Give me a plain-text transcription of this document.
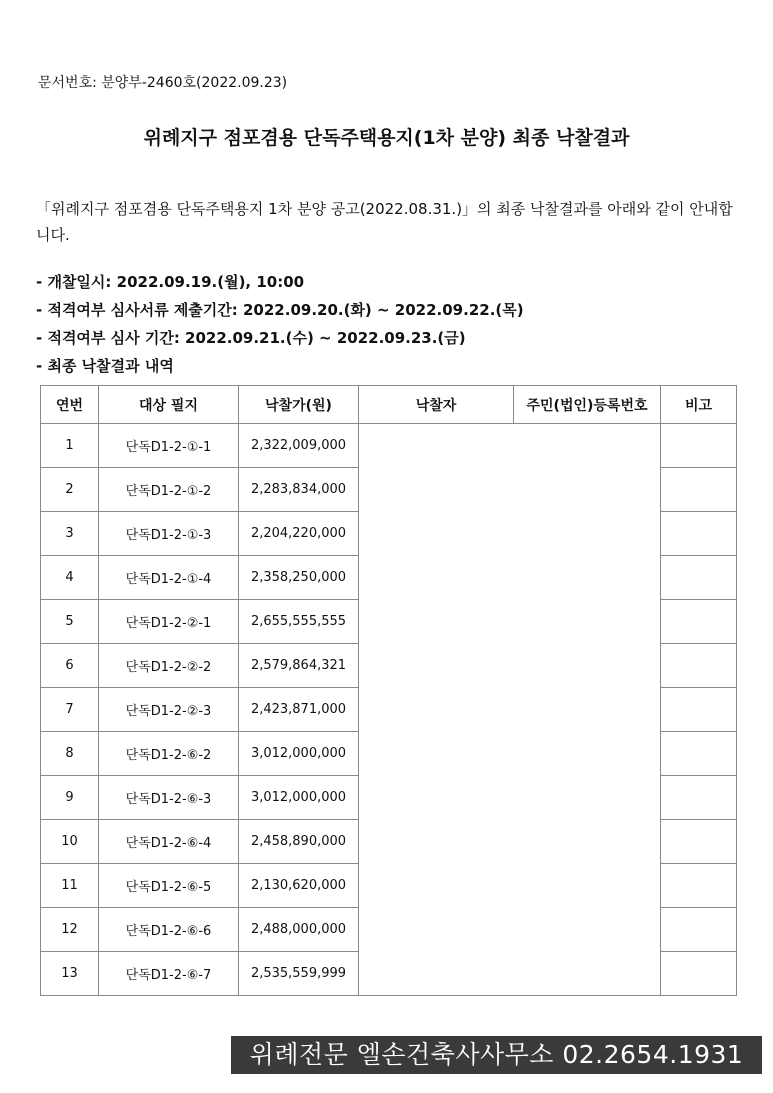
문서번호: 분양부-2460호(2022.09.23)
위례지구 점포겸용 단독주택용지(1차 분양) 최종 낙찰결과
「위례지구 점포겸용 단독주택용지 1차 분양 공고(2022.08.31.)」의 최종 낙찰결과를 아래와 같이 안내합니다.
- 개찰일시: 2022.09.19.(월), 10:00
- 적격여부 심사서류 제출기간: 2022.09.20.(화) ~ 2022.09.22.(목)
- 적격여부 심사 기간: 2022.09.21.(수) ~ 2022.09.23.(금)
- 최종 낙찰결과 내역
연번	대상 필지	낙찰가(원)	낙찰자	주민(법인)등록번호	비고
1	단독D1-2-①-1	2,322,009,000			
2	단독D1-2-①-2	2,283,834,000			
3	단독D1-2-①-3	2,204,220,000			
4	단독D1-2-①-4	2,358,250,000			
5	단독D1-2-②-1	2,655,555,555			
6	단독D1-2-②-2	2,579,864,321			
7	단독D1-2-②-3	2,423,871,000			
8	단독D1-2-⑥-2	3,012,000,000			
9	단독D1-2-⑥-3	3,012,000,000			
10	단독D1-2-⑥-4	2,458,890,000			
11	단독D1-2-⑥-5	2,130,620,000			
12	단독D1-2-⑥-6	2,488,000,000			
13	단독D1-2-⑥-7	2,535,559,999			
위례전문 엘손건축사사무소 02.2654.1931
